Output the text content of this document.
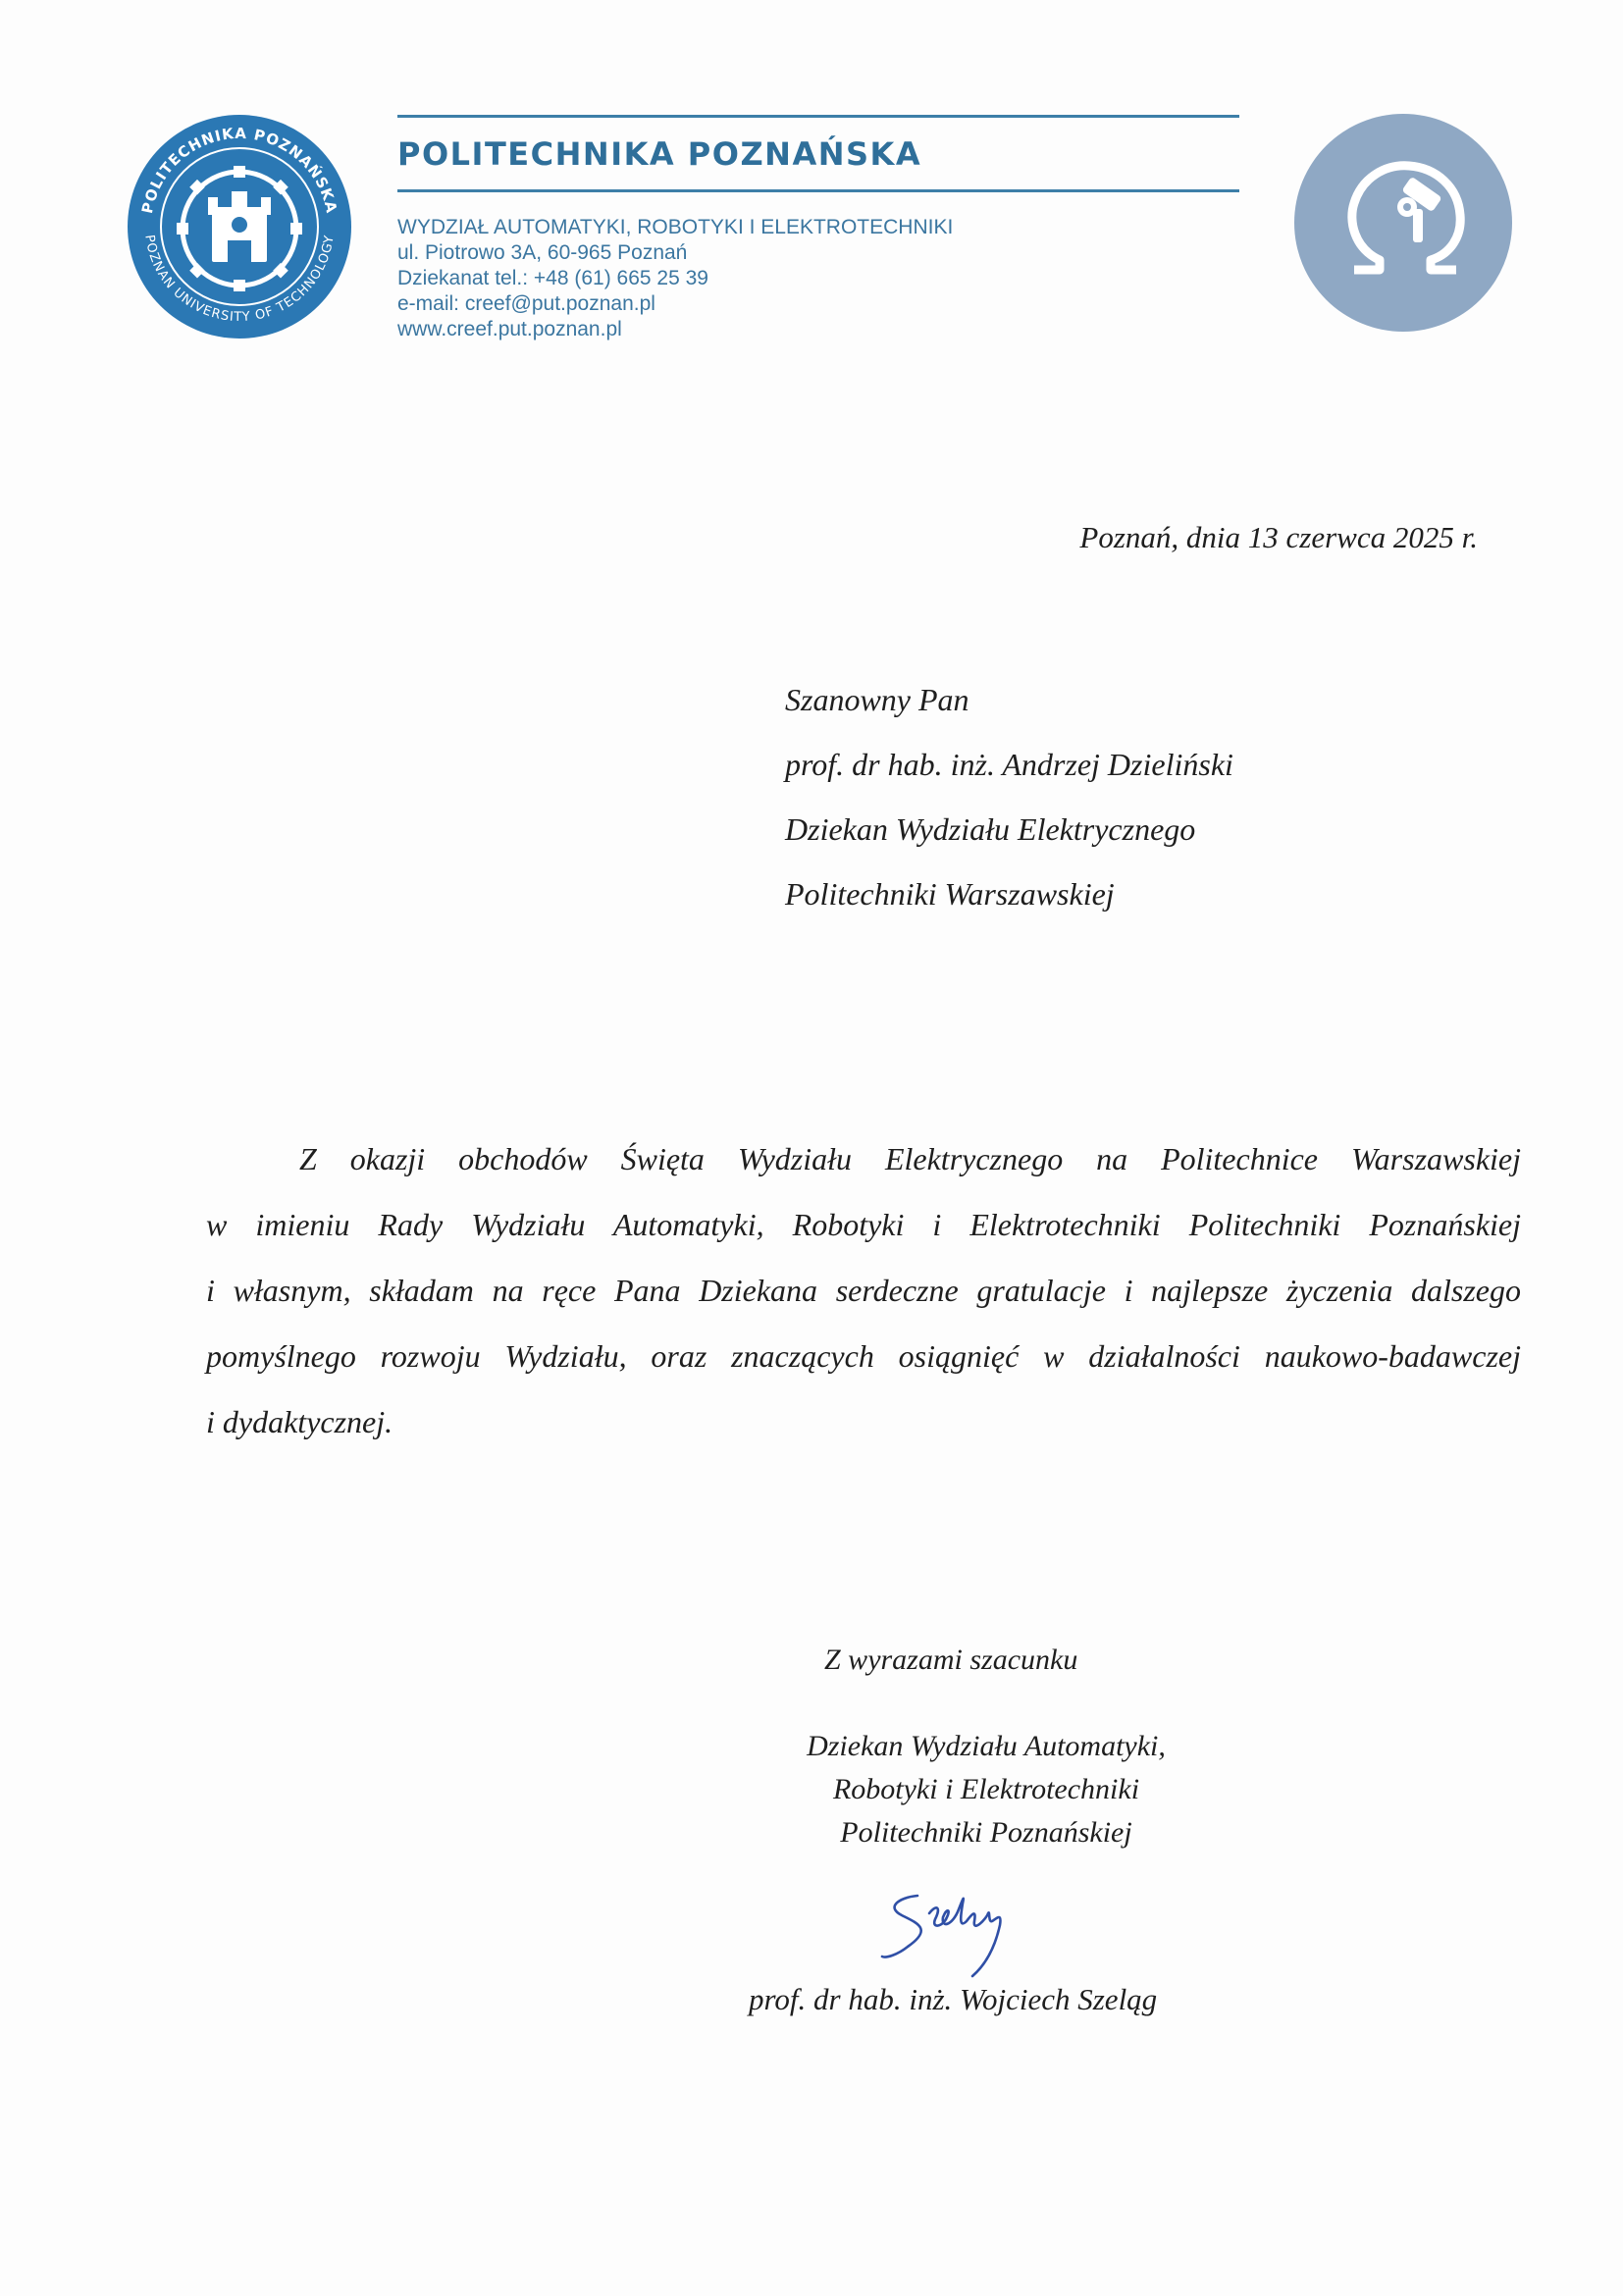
POLITECHNIKA POZNAŃSKA
POZNAN UNIVERSITY OF TECHNOLOGY
POLITECHNIKA POZNAŃSKA
WYDZIAŁ AUTOMATYKI, ROBOTYKI I ELEKTROTECHNIKI
ul. Piotrowo 3A, 60-965 Poznań
Dziekanat tel.: +48 (61) 665 25 39
e-mail: creef@put.poznan.pl
www.creef.put.poznan.pl
Poznań, dnia 13 czerwca 2025 r.
Szanowny Pan
prof. dr hab. inż. Andrzej Dzieliński
Dziekan Wydziału Elektrycznego
Politechniki Warszawskiej
Z okazji obchodów Święta Wydziału Elektrycznego na Politechnice Warszawskiej
w imieniu Rady Wydziału Automatyki, Robotyki i Elektrotechniki Politechniki Poznańskiej
i własnym, składam na ręce Pana Dziekana serdeczne gratulacje i najlepsze życzenia dalszego
pomyślnego rozwoju Wydziału, oraz znaczących osiągnięć w działalności naukowo-badawczej
i dydaktycznej.
Z wyrazami szacunku
Dziekan Wydziału Automatyki,
Robotyki i Elektrotechniki
Politechniki Poznańskiej
prof. dr hab. inż. Wojciech Szeląg
